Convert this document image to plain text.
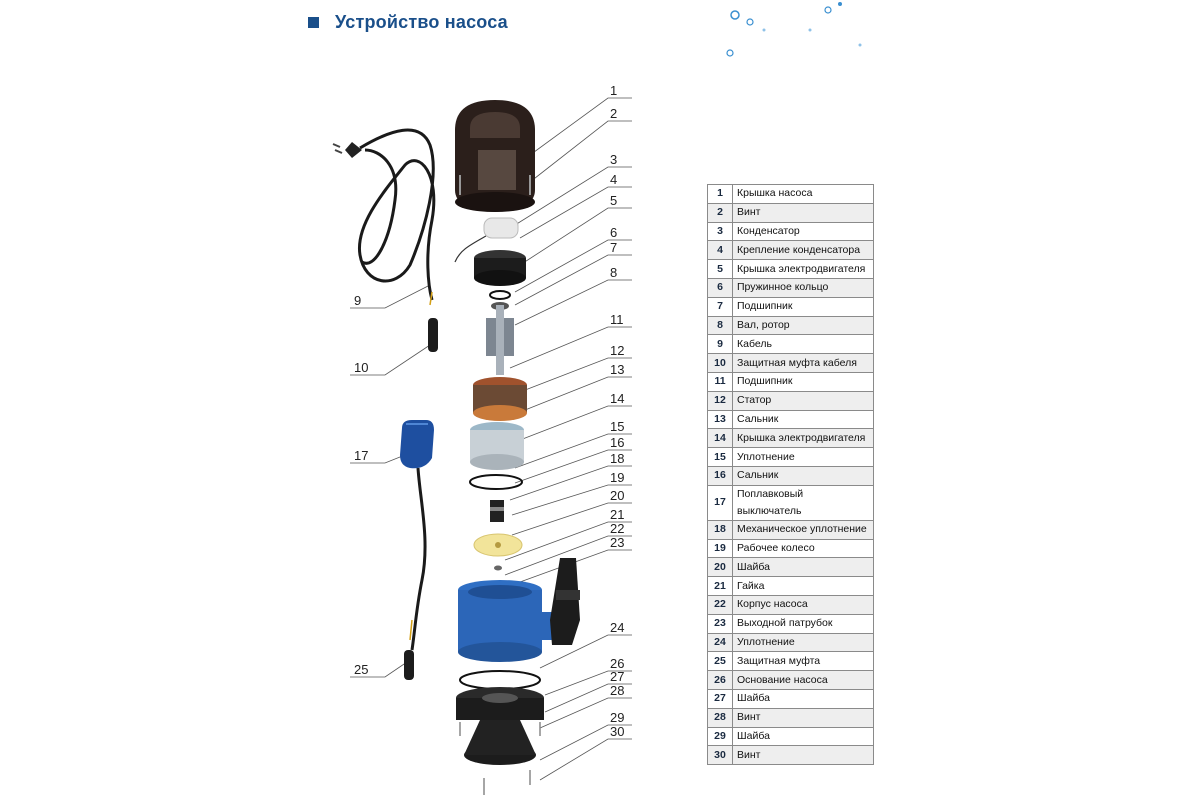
Устройство насоса
1
2
3
4
5
6
7
8
9
10
11
12
13
14
15
16
17	18
19
20
21
22
23
24
25	26
27
28
29
30
1	Крышка насоса
2	Винт
3	Конденсатор
4	Крепление конденсатора
5	Крышка электродвигателя
6	Пружинное кольцо
7	Подшипник
8	Вал, ротор
9	Кабель
10	Защитная муфта кабеля
11	Подшипник
12	Статор
13	Сальник
14	Крышка электродвигателя
15	Уплотнение
16	Сальник
17	Поплавковый выключатель
18	Механическое уплотнение
19	Рабочее колесо
20	Шайба
21	Гайка
22	Корпус насоса
23	Выходной патрубок
24	Уплотнение
25	Защитная муфта
26	Основание насоса
27	Шайба
28	Винт
29	Шайба
30	Винт
